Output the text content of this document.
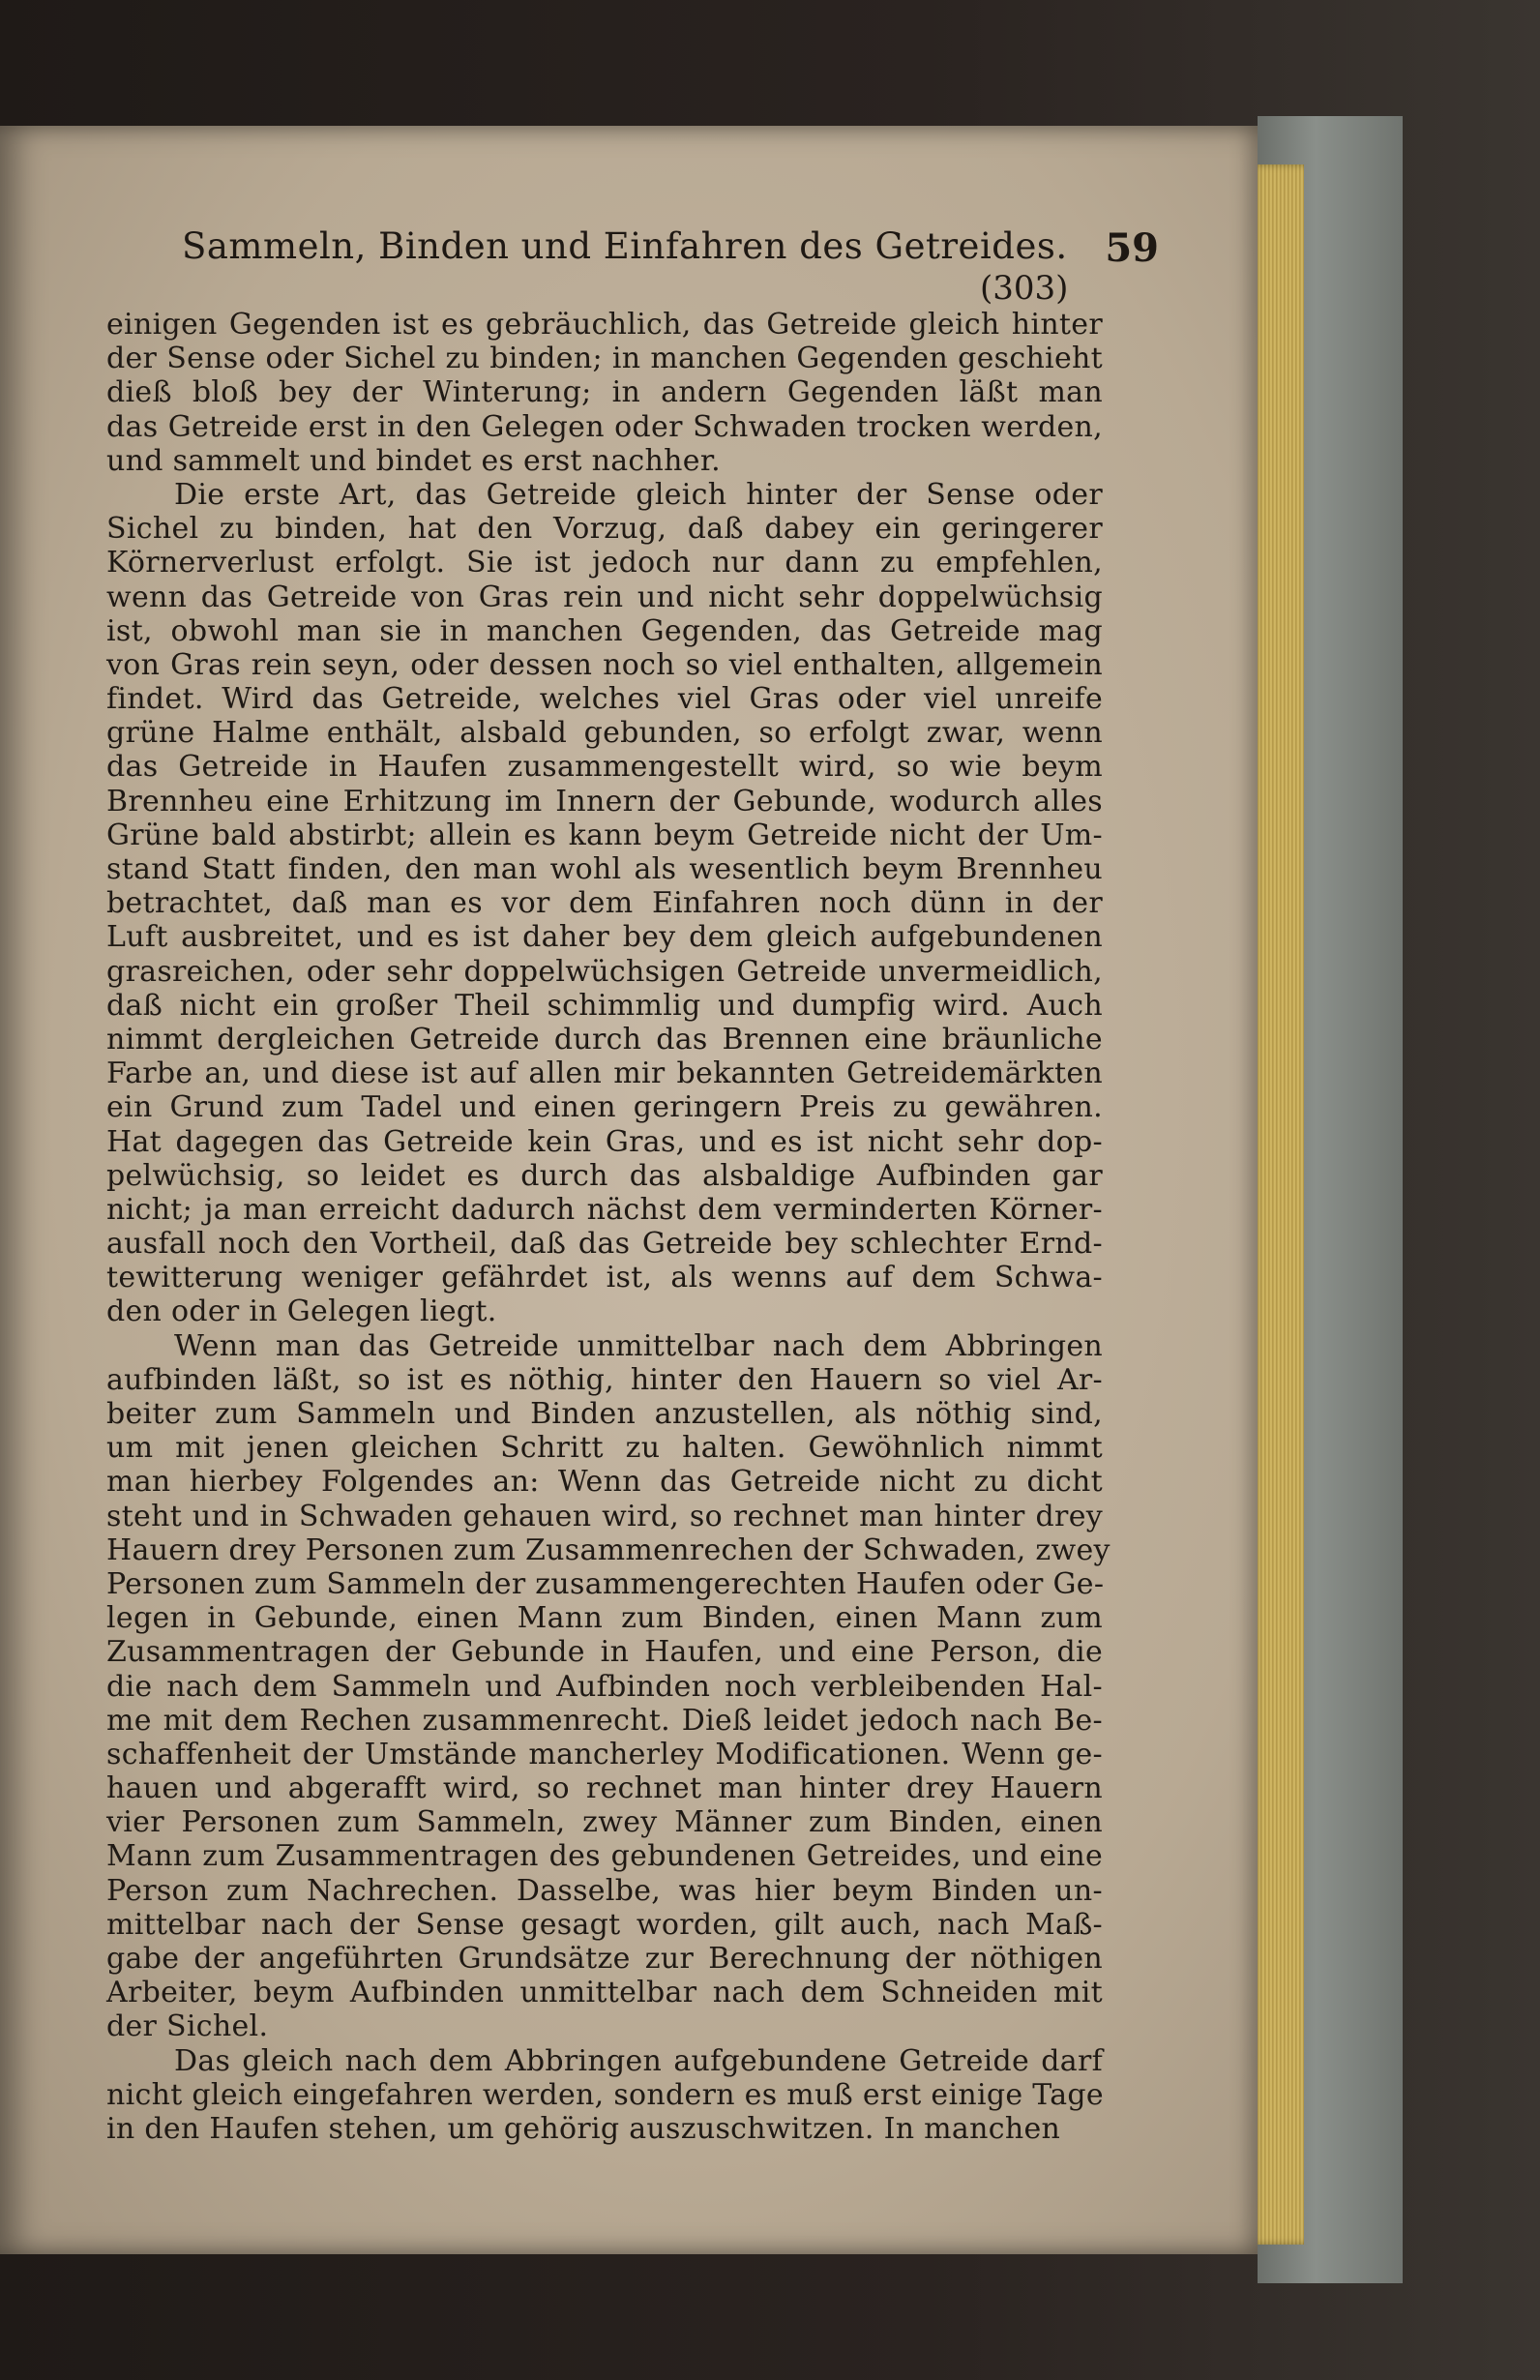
Sammeln, Binden und Einfahren des Getreides. 59
(303)
einigen Gegenden ist es gebräuchlich, das Getreide gleich hinter
der Sense oder Sichel zu binden; in manchen Gegenden geschieht
dieß bloß bey der Winterung; in andern Gegenden läßt man
das Getreide erst in den Gelegen oder Schwaden trocken werden,
und sammelt und bindet es erst nachher.
Die erste Art, das Getreide gleich hinter der Sense oder
Sichel zu binden, hat den Vorzug, daß dabey ein geringerer
Körnerverlust erfolgt. Sie ist jedoch nur dann zu empfehlen,
wenn das Getreide von Gras rein und nicht sehr doppelwüchsig
ist, obwohl man sie in manchen Gegenden, das Getreide mag
von Gras rein seyn, oder dessen noch so viel enthalten, allgemein
findet. Wird das Getreide, welches viel Gras oder viel unreife
grüne Halme enthält, alsbald gebunden, so erfolgt zwar, wenn
das Getreide in Haufen zusammengestellt wird, so wie beym
Brennheu eine Erhitzung im Innern der Gebunde, wodurch alles
Grüne bald abstirbt; allein es kann beym Getreide nicht der Um-
stand Statt finden, den man wohl als wesentlich beym Brennheu
betrachtet, daß man es vor dem Einfahren noch dünn in der
Luft ausbreitet, und es ist daher bey dem gleich aufgebundenen
grasreichen, oder sehr doppelwüchsigen Getreide unvermeidlich,
daß nicht ein großer Theil schimmlig und dumpfig wird. Auch
nimmt dergleichen Getreide durch das Brennen eine bräunliche
Farbe an, und diese ist auf allen mir bekannten Getreidemärkten
ein Grund zum Tadel und einen geringern Preis zu gewähren.
Hat dagegen das Getreide kein Gras, und es ist nicht sehr dop-
pelwüchsig, so leidet es durch das alsbaldige Aufbinden gar
nicht; ja man erreicht dadurch nächst dem verminderten Körner-
ausfall noch den Vortheil, daß das Getreide bey schlechter Ernd-
tewitterung weniger gefährdet ist, als wenns auf dem Schwa-
den oder in Gelegen liegt.
Wenn man das Getreide unmittelbar nach dem Abbringen
aufbinden läßt, so ist es nöthig, hinter den Hauern so viel Ar-
beiter zum Sammeln und Binden anzustellen, als nöthig sind,
um mit jenen gleichen Schritt zu halten. Gewöhnlich nimmt
man hierbey Folgendes an: Wenn das Getreide nicht zu dicht
steht und in Schwaden gehauen wird, so rechnet man hinter drey
Hauern drey Personen zum Zusammenrechen der Schwaden, zwey
Personen zum Sammeln der zusammengerechten Haufen oder Ge-
legen in Gebunde, einen Mann zum Binden, einen Mann zum
Zusammentragen der Gebunde in Haufen, und eine Person, die
die nach dem Sammeln und Aufbinden noch verbleibenden Hal-
me mit dem Rechen zusammenrecht. Dieß leidet jedoch nach Be-
schaffenheit der Umstände mancherley Modificationen. Wenn ge-
hauen und abgerafft wird, so rechnet man hinter drey Hauern
vier Personen zum Sammeln, zwey Männer zum Binden, einen
Mann zum Zusammentragen des gebundenen Getreides, und eine
Person zum Nachrechen. Dasselbe, was hier beym Binden un-
mittelbar nach der Sense gesagt worden, gilt auch, nach Maß-
gabe der angeführten Grundsätze zur Berechnung der nöthigen
Arbeiter, beym Aufbinden unmittelbar nach dem Schneiden mit
der Sichel.
Das gleich nach dem Abbringen aufgebundene Getreide darf
nicht gleich eingefahren werden, sondern es muß erst einige Tage
in den Haufen stehen, um gehörig auszuschwitzen. In manchen
